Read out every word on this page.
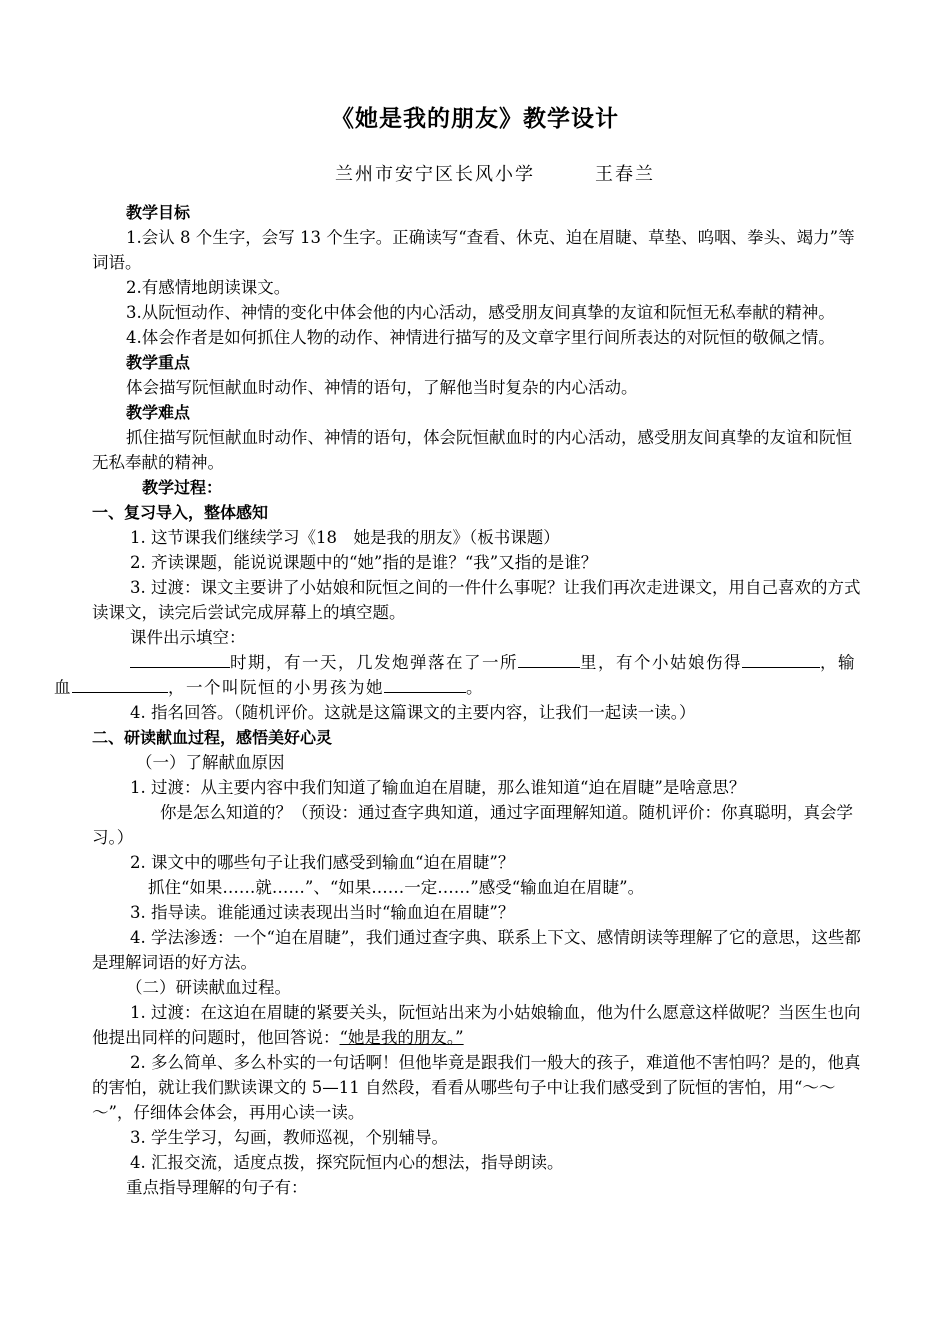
《她是我的朋友》教学设计
兰州市安宁区长风小学　　　王春兰

教学目标

1.会认 8 个生字，会写 13 个生字。正确读写“查看、休克、迫在眉睫、草垫、呜咽、拳头、竭力”等词语。

2.有感情地朗读课文。

3.从阮恒动作、神情的变化中体会他的内心活动，感受朋友间真挚的友谊和阮恒无私奉献的精神。

4.体会作者是如何抓住人物的动作、神情进行描写的及文章字里行间所表达的对阮恒的敬佩之情。

教学重点

体会描写阮恒献血时动作、神情的语句，了解他当时复杂的内心活动。

教学难点

抓住描写阮恒献血时动作、神情的语句，体会阮恒献血时的内心活动，感受朋友间真挚的友谊和阮恒无私奉献的精神。

教学过程：

一、复习导入，整体感知

1. 这节课我们继续学习《18　她是我的朋友》（板书课题）

2. 齐读课题，能说说课题中的“她”指的是谁？“我”又指的是谁？

3. 过渡：课文主要讲了小姑娘和阮恒之间的一件什么事呢？让我们再次走进课文，用自己喜欢的方式读课文，读完后尝试完成屏幕上的填空题。

课件出示填空：

时期，有一天，几发炮弹落在了一所	里，有个小姑娘伤得	，输
血	，一个叫阮恒的小男孩为她	。

4. 指名回答。（随机评价。这就是这篇课文的主要内容，让我们一起读一读。）

二、研读献血过程，感悟美好心灵

（一）了解献血原因

1. 过渡：从主要内容中我们知道了输血迫在眉睫，那么谁知道“迫在眉睫”是啥意思？

你是怎么知道的？（预设：通过查字典知道，通过字面理解知道。随机评价：你真聪明，真会学习。）

2. 课文中的哪些句子让我们感受到输血“迫在眉睫”？

抓住“如果……就……”、“如果……一定……”感受“输血迫在眉睫”。

3. 指导读。谁能通过读表现出当时“输血迫在眉睫”？

4. 学法渗透：一个“迫在眉睫”，我们通过查字典、联系上下文、感情朗读等理解了它的意思，这些都是理解词语的好方法。

（二）研读献血过程。

1. 过渡：在这迫在眉睫的紧要关头，阮恒站出来为小姑娘输血，他为什么愿意这样做呢？当医生也向他提出同样的问题时，他回答说：“她是我的朋友。”

2. 多么简单、多么朴实的一句话啊！但他毕竟是跟我们一般大的孩子，难道他不害怕吗？是的，他真的害怕，就让我们默读课文的 5—11 自然段，看看从哪些句子中让我们感受到了阮恒的害怕，用“～～～”，仔细体会体会，再用心读一读。

3. 学生学习，勾画，教师巡视，个别辅导。

4. 汇报交流，适度点拨，探究阮恒内心的想法，指导朗读。

重点指导理解的句子有：
